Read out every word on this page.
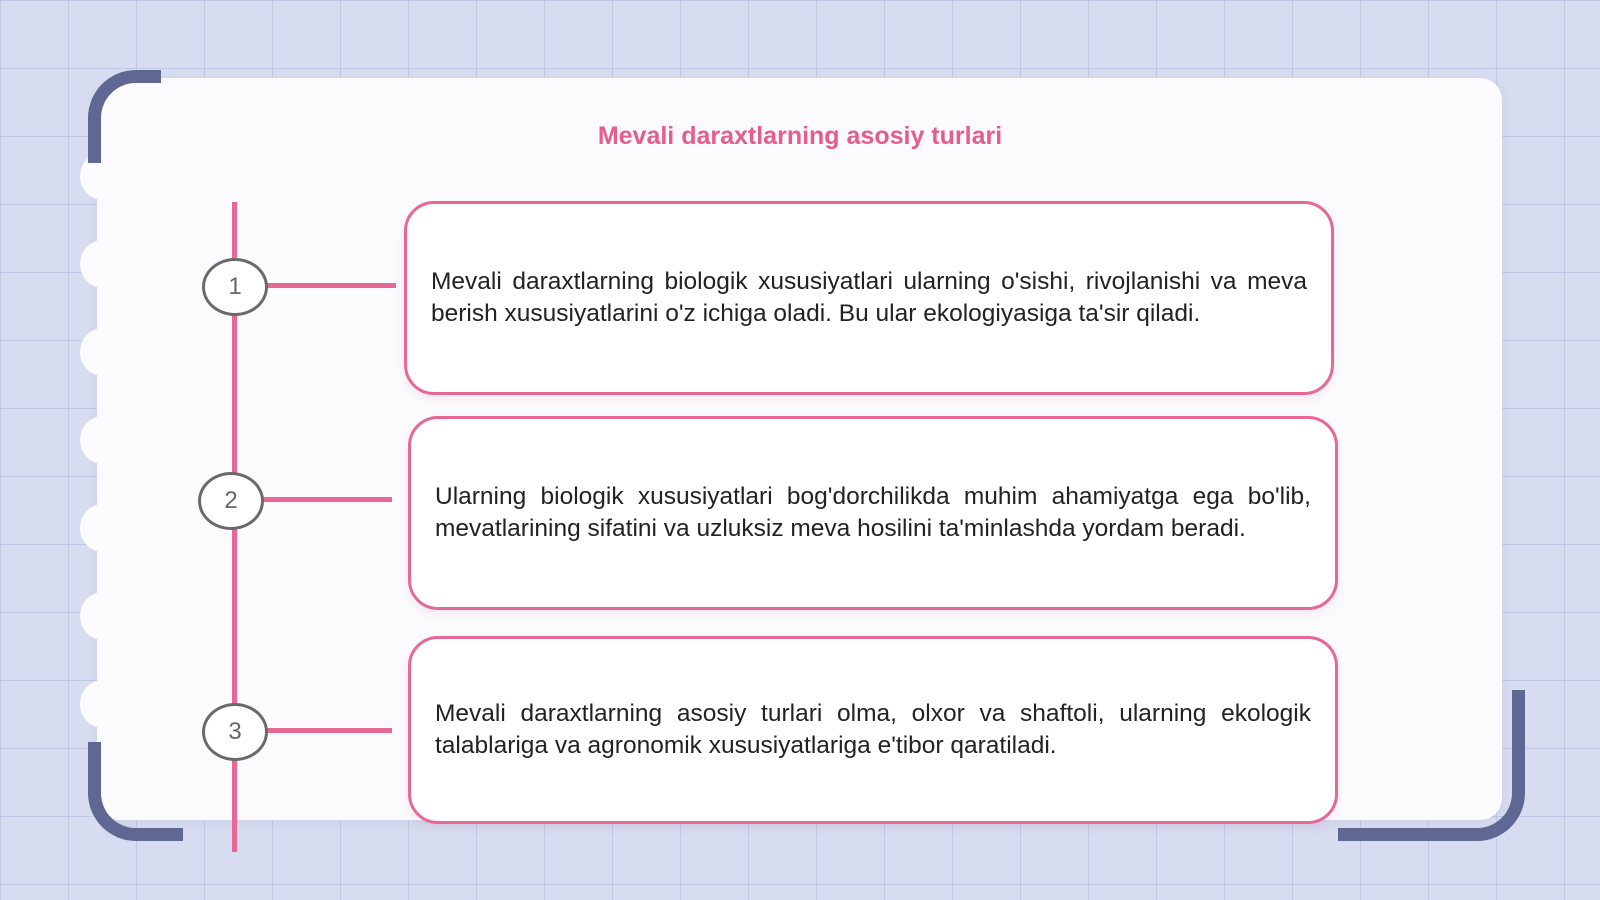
Mevali daraxtlarning asosiy turlari
1
2
3
Mevali daraxtlarning biologik xususiyatlari ularning o'sishi, rivojlanishi va meva berish xususiyatlarini o'z ichiga oladi. Bu ular ekologiyasiga ta'sir qiladi.
Ularning biologik xususiyatlari bog'dorchilikda muhim ahamiyatga ega bo'lib, mevatlarining sifatini va uzluksiz meva hosilini ta'minlashda yordam beradi.
Mevali daraxtlarning asosiy turlari olma, olxor va shaftoli, ularning ekologik talablariga va agronomik xususiyatlariga e'tibor qaratiladi.
